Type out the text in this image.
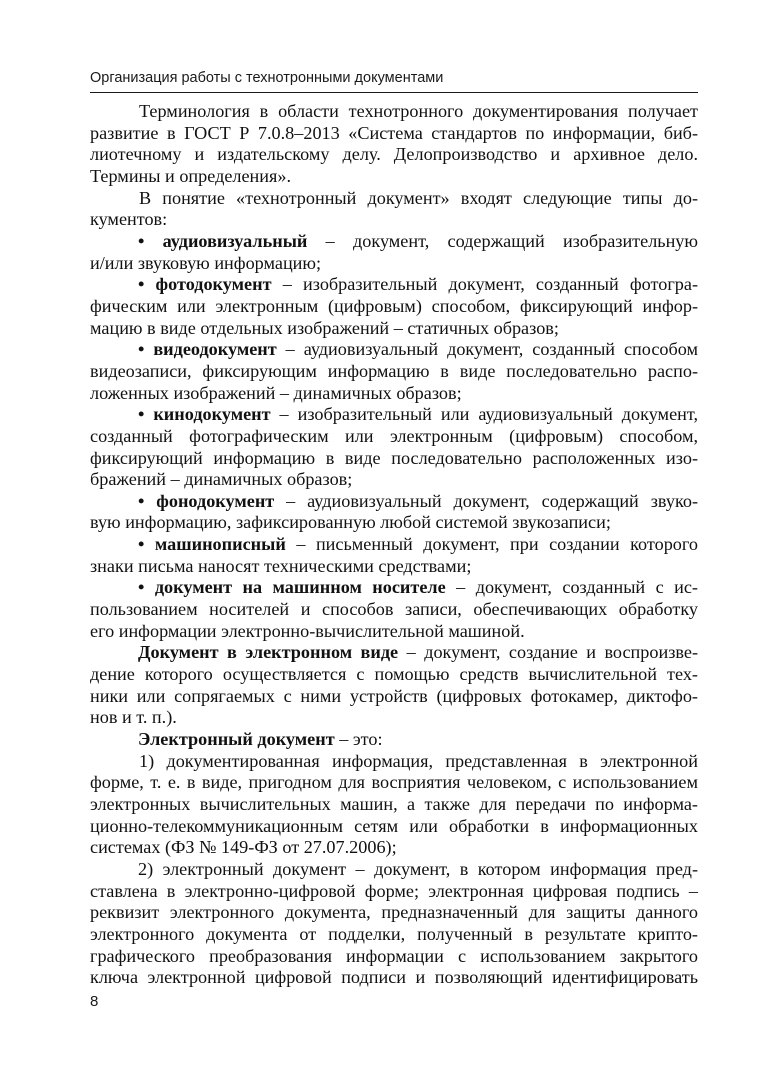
Организация работы с технотронными документами

Терминология в области технотронного документирования получает
развитие в ГОСТ Р 7.0.8–2013 «Система стандартов по информации, биб-
лиотечному и издательскому делу. Делопроизводство и архивное дело.
Термины и определения».

В понятие «технотронный документ» входят следующие типы до-
кументов:

• аудиовизуальный – документ, содержащий изобразительную
и/или звуковую информацию;

• фотодокумент – изобразительный документ, созданный фотогра-
фическим или электронным (цифровым) способом, фиксирующий инфор-
мацию в виде отдельных изображений – статичных образов;

• видеодокумент – аудиовизуальный документ, созданный способом
видеозаписи, фиксирующим информацию в виде последовательно распо-
ложенных изображений – динамичных образов;

• кинодокумент – изобразительный или аудиовизуальный документ,
созданный фотографическим или электронным (цифровым) способом,
фиксирующий информацию в виде последовательно расположенных изо-
бражений – динамичных образов;

• фонодокумент – аудиовизуальный документ, содержащий звуко-
вую информацию, зафиксированную любой системой звукозаписи;

• машинописный – письменный документ, при создании которого
знаки письма наносят техническими средствами;

• документ на машинном носителе – документ, созданный с ис-
пользованием носителей и способов записи, обеспечивающих обработку
его информации электронно-вычислительной машиной.

Документ в электронном виде – документ, создание и воспроизве-
дение которого осуществляется с помощью средств вычислительной тех-
ники или сопрягаемых с ними устройств (цифровых фотокамер, диктофо-
нов и т. п.).

Электронный документ – это:

1) документированная информация, представленная в электронной
форме, т. е. в виде, пригодном для восприятия человеком, с использованием
электронных вычислительных машин, а также для передачи по информа-
ционно-телекоммуникационным сетям или обработки в информационных
системах (ФЗ № 149-ФЗ от 27.07.2006);

2) электронный документ – документ, в котором информация пред-
ставлена в электронно-цифровой форме; электронная цифровая подпись –
реквизит электронного документа, предназначенный для защиты данного
электронного документа от подделки, полученный в результате крипто-
графического преобразования информации с использованием закрытого
ключа электронной цифровой подписи и позволяющий идентифицировать

8
